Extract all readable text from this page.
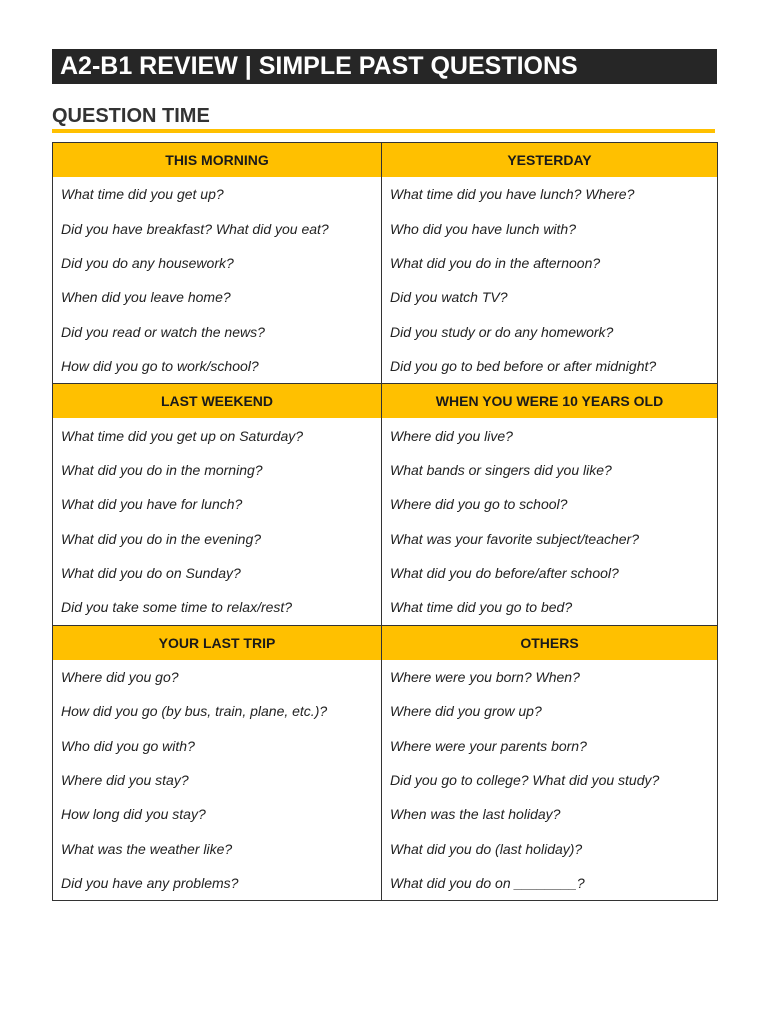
A2-B1 REVIEW | SIMPLE PAST QUESTIONS
QUESTION TIME
THIS MORNING	YESTERDAY
What time did you get up?	What time did you have lunch? Where?
Did you have breakfast? What did you eat?	Who did you have lunch with?
Did you do any housework?	What did you do in the afternoon?
When did you leave home?	Did you watch TV?
Did you read or watch the news?	Did you study or do any homework?
How did you go to work/school?	Did you go to bed before or after midnight?
LAST WEEKEND	WHEN YOU WERE 10 YEARS OLD
What time did you get up on Saturday?	Where did you live?
What did you do in the morning?	What bands or singers did you like?
What did you have for lunch?	Where did you go to school?
What did you do in the evening?	What was your favorite subject/teacher?
What did you do on Sunday?	What did you do before/after school?
Did you take some time to relax/rest?	What time did you go to bed?
YOUR LAST TRIP	OTHERS
Where did you go?	Where were you born? When?
How did you go (by bus, train, plane, etc.)?	Where did you grow up?
Who did you go with?	Where were your parents born?
Where did you stay?	Did you go to college? What did you study?
How long did you stay?	When was the last holiday?
What was the weather like?	What did you do (last holiday)?
Did you have any problems?	What did you do on ________?
